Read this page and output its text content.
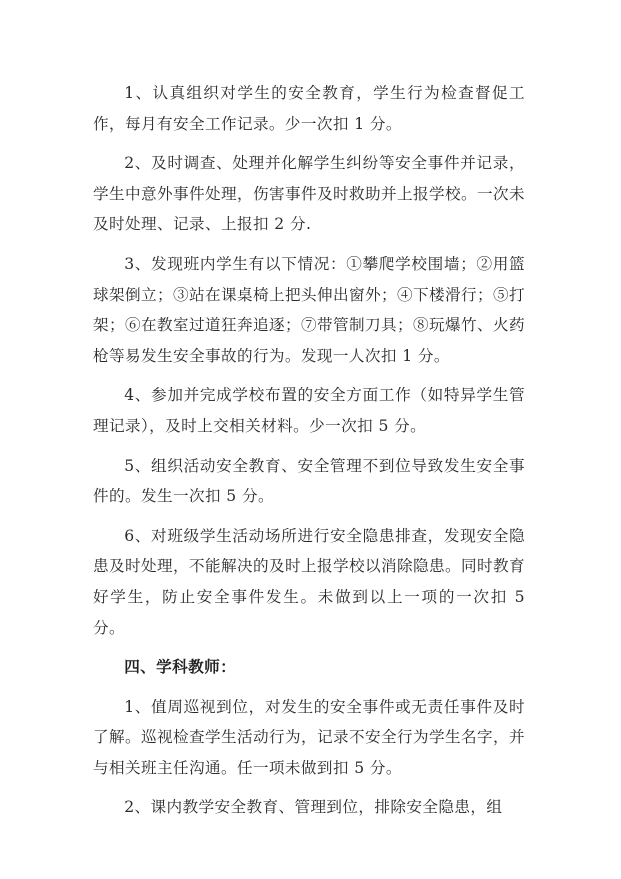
1、认真组织对学生的安全教育，学生行为检查督促工作，每月有安全工作记录。少一次扣 1 分。

2、及时调查、处理并化解学生纠纷等安全事件并记录，学生中意外事件处理，伤害事件及时救助并上报学校。一次未及时处理、记录、上报扣 2 分.

3、发现班内学生有以下情况：①攀爬学校围墙；②用篮球架倒立；③站在课桌椅上把头伸出窗外；④下楼滑行；⑤打架；⑥在教室过道狂奔追逐；⑦带管制刀具；⑧玩爆竹、火药枪等易发生安全事故的行为。发现一人次扣 1 分。

4、参加并完成学校布置的安全方面工作（如特异学生管理记录），及时上交相关材料。少一次扣 5 分。

5、组织活动安全教育、安全管理不到位导致发生安全事件的。发生一次扣 5 分。

6、对班级学生活动场所进行安全隐患排查，发现安全隐患及时处理，不能解决的及时上报学校以消除隐患。同时教育好学生，防止安全事件发生。未做到以上一项的一次扣 5 分。

四、学科教师：

1、值周巡视到位，对发生的安全事件或无责任事件及时了解。巡视检查学生活动行为，记录不安全行为学生名字，并与相关班主任沟通。任一项未做到扣 5 分。

2、课内教学安全教育、管理到位，排除安全隐患，组
